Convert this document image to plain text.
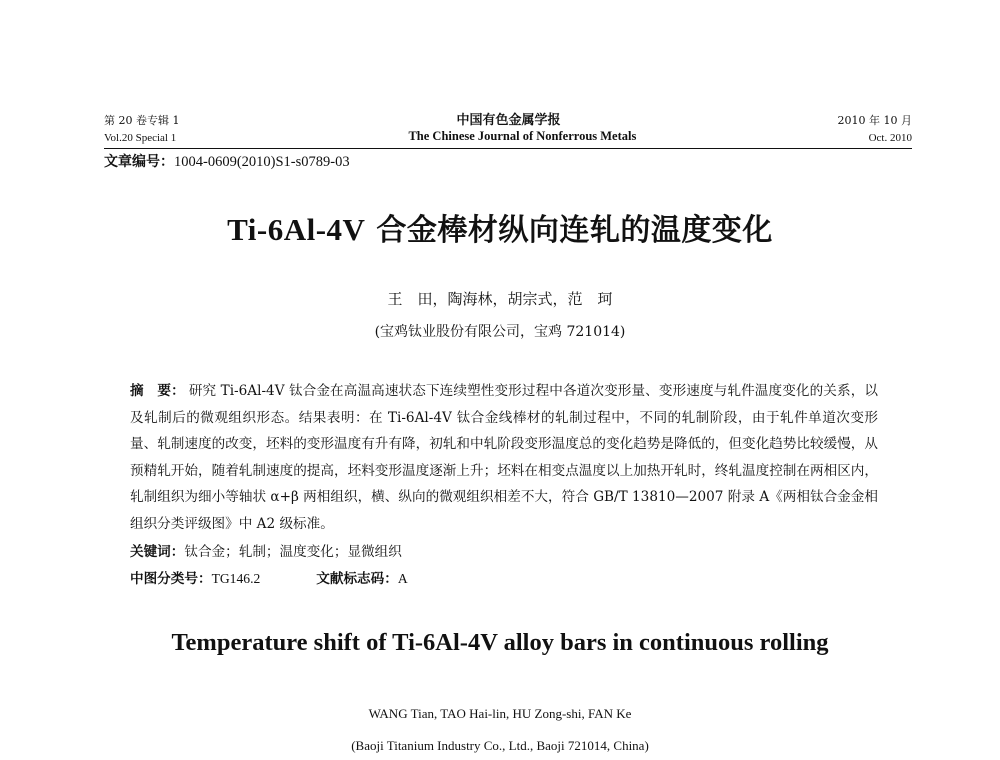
第 20 卷专辑 1	中国有色金属学报	2010 年 10 月
Vol.20 Special 1	The Chinese Journal of Nonferrous Metals	Oct. 2010
文章编号：1004-0609(2010)S1-s0789-03
Ti-6Al-4V 合金棒材纵向连轧的温度变化
王　田，陶海林，胡宗式，范　珂
(宝鸡钛业股份有限公司，宝鸡 721014)
摘　要： 研究 Ti-6Al-4V 钛合金在高温高速状态下连续塑性变形过程中各道次变形量、变形速度与轧件温度变化的关系，以及轧制后的微观组织形态。结果表明：在 Ti-6Al-4V 钛合金线棒材的轧制过程中，不同的轧制阶段，由于轧件单道次变形量、轧制速度的改变，坯料的变形温度有升有降，初轧和中轧阶段变形温度总的变化趋势是降低的，但变化趋势比较缓慢，从预精轧开始，随着轧制速度的提高，坯料变形温度逐渐上升；坯料在相变点温度以上加热开轧时，终轧温度控制在两相区内，轧制组织为细小等轴状 α+β 两相组织，横、纵向的微观组织相差不大，符合 GB/T 13810—2007 附录 A《两相钛合金金相组织分类评级图》中 A2 级标准。
关键词：钛合金；轧制；温度变化；显微组织
中图分类号： TG146.2	文献标志码： A
Temperature shift of Ti-6Al-4V alloy bars in continuous rolling
WANG Tian, TAO Hai-lin, HU Zong-shi, FAN Ke
(Baoji Titanium Industry Co., Ltd., Baoji 721014, China)
